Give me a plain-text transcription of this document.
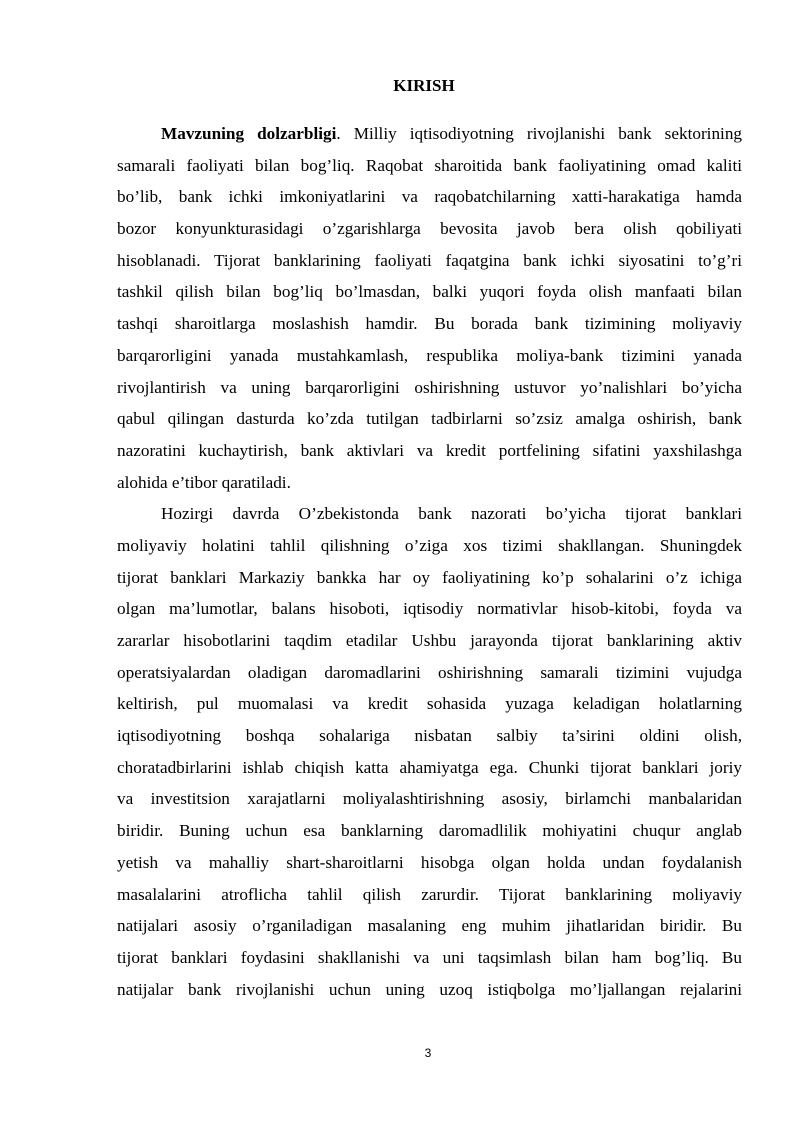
KIRISH
Mavzuning dolzarbligi. Milliy iqtisodiyotning rivojlanishi bank sektorining
samarali faoliyati bilan bog’liq. Raqobat sharoitida bank faoliyatining omad kaliti
bo’lib, bank ichki imkoniyatlarini va raqobatchilarning xatti-harakatiga hamda
bozor konyunkturasidagi o’zgarishlarga bevosita javob bera olish qobiliyati
hisoblanadi. Tijorat banklarining faoliyati faqatgina bank ichki siyosatini to’g’ri
tashkil qilish bilan bog’liq bo’lmasdan, balki yuqori foyda olish manfaati bilan
tashqi sharoitlarga moslashish hamdir. Bu borada bank tizimining moliyaviy
barqarorligini yanada mustahkamlash, respublika moliya-bank tizimini yanada
rivojlantirish va uning barqarorligini oshirishning ustuvor yo’nalishlari bo’yicha
qabul qilingan dasturda ko’zda tutilgan tadbirlarni so’zsiz amalga oshirish, bank
nazoratini kuchaytirish, bank aktivlari va kredit portfelining sifatini yaxshilashga
alohida e’tibor qaratiladi.
Hozirgi davrda O’zbekistonda bank nazorati bo’yicha tijorat banklari
moliyaviy holatini tahlil qilishning o’ziga xos tizimi shakllangan. Shuningdek
tijorat banklari Markaziy bankka har oy faoliyatining ko’p sohalarini o’z ichiga
olgan ma’lumotlar, balans hisoboti, iqtisodiy normativlar hisob-kitobi, foyda va
zararlar hisobotlarini taqdim etadilar Ushbu jarayonda tijorat banklarining aktiv
operatsiyalardan oladigan daromadlarini oshirishning samarali tizimini vujudga
keltirish, pul muomalasi va kredit sohasida yuzaga keladigan holatlarning
iqtisodiyotning boshqa sohalariga nisbatan salbiy ta’sirini oldini olish,
choratadbirlarini ishlab chiqish katta ahamiyatga ega. Chunki tijorat banklari joriy
va investitsion xarajatlarni moliyalashtirishning asosiy, birlamchi manbalaridan
biridir. Buning uchun esa banklarning daromadlilik mohiyatini chuqur anglab
yetish va mahalliy shart-sharoitlarni hisobga olgan holda undan foydalanish
masalalarini atroflicha tahlil qilish zarurdir. Tijorat banklarining moliyaviy
natijalari asosiy o’rganiladigan masalaning eng muhim jihatlaridan biridir. Bu
tijorat banklari foydasini shakllanishi va uni taqsimlash bilan ham bog’liq. Bu
natijalar bank rivojlanishi uchun uning uzoq istiqbolga mo’ljallangan rejalarini
3
